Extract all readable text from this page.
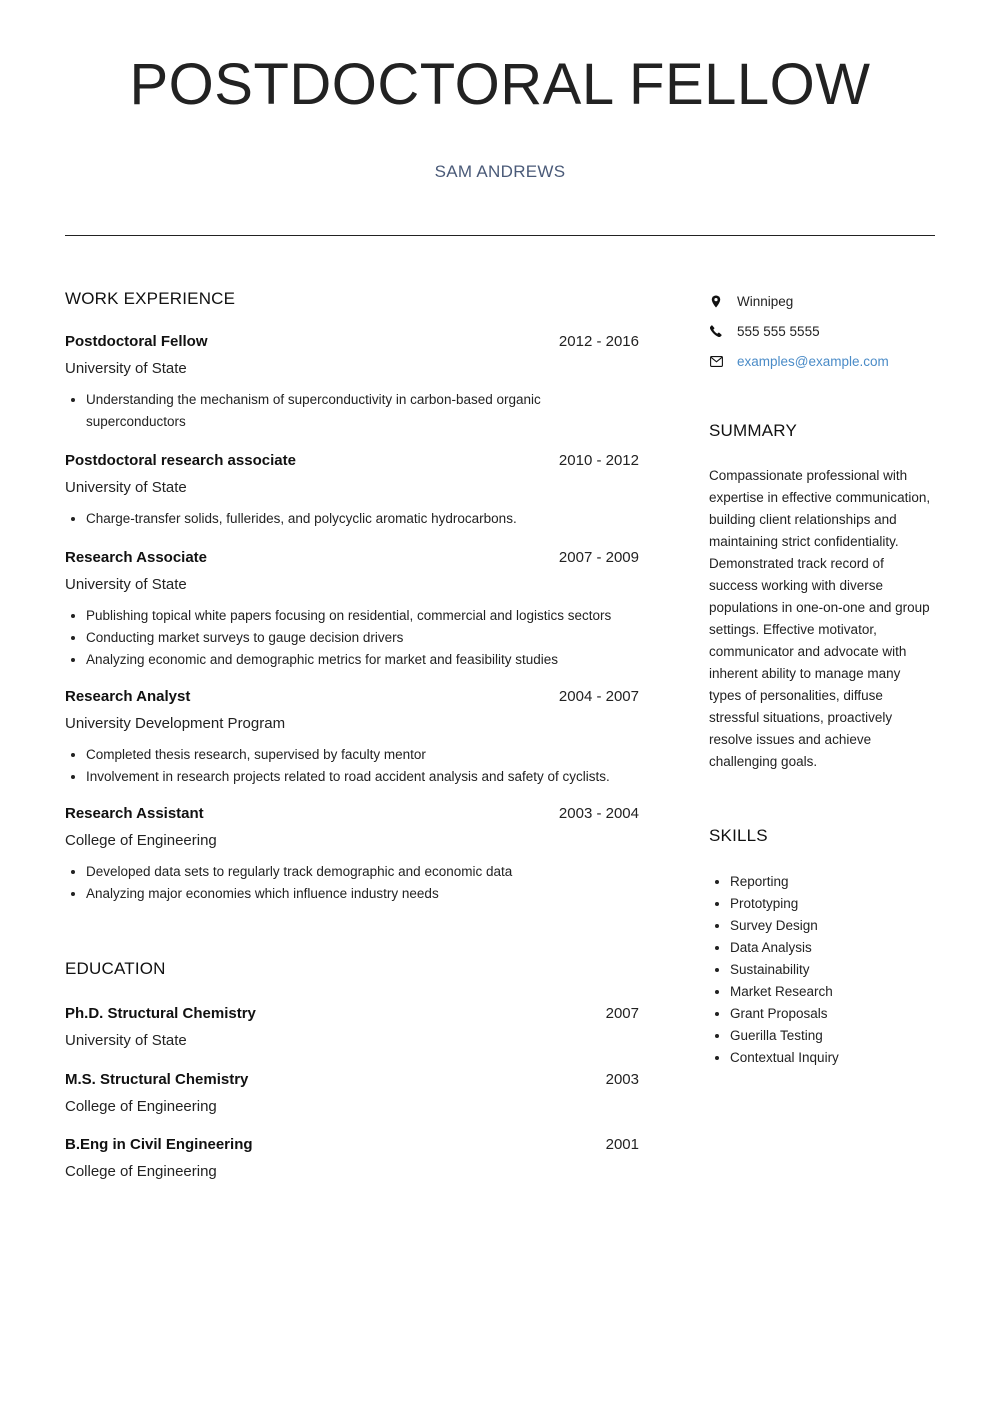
POSTDOCTORAL FELLOW
SAM ANDREWS
WORK EXPERIENCE
Postdoctoral Fellow	2012 - 2016
University of State
• Understanding the mechanism of superconductivity in carbon-based organic superconductors
Postdoctoral research associate	2010 - 2012
University of State
• Charge-transfer solids, fullerides, and polycyclic aromatic hydrocarbons.
Research Associate	2007 - 2009
University of State
• Publishing topical white papers focusing on residential, commercial and logistics sectors
• Conducting market surveys to gauge decision drivers
• Analyzing economic and demographic metrics for market and feasibility studies
Research Analyst	2004 - 2007
University Development Program
• Completed thesis research, supervised by faculty mentor
• Involvement in research projects related to road accident analysis and safety of cyclists.
Research Assistant	2003 - 2004
College of Engineering
• Developed data sets to regularly track demographic and economic data
• Analyzing major economies which influence industry needs
EDUCATION
Ph.D. Structural Chemistry	2007
University of State
M.S. Structural Chemistry	2003
College of Engineering
B.Eng in Civil Engineering	2001
College of Engineering
Winnipeg
555 555 5555
examples@example.com
SUMMARY

Compassionate professional with expertise in effective communication, building client relationships and maintaining strict confidentiality. Demonstrated track record of success working with diverse populations in one-on-one and group settings. Effective motivator, communicator and advocate with inherent ability to manage many types of personalities, diffuse stressful situations, proactively resolve issues and achieve challenging goals.

SKILLS
• Reporting
• Prototyping
• Survey Design
• Data Analysis
• Sustainability
• Market Research
• Grant Proposals
• Guerilla Testing
• Contextual Inquiry
